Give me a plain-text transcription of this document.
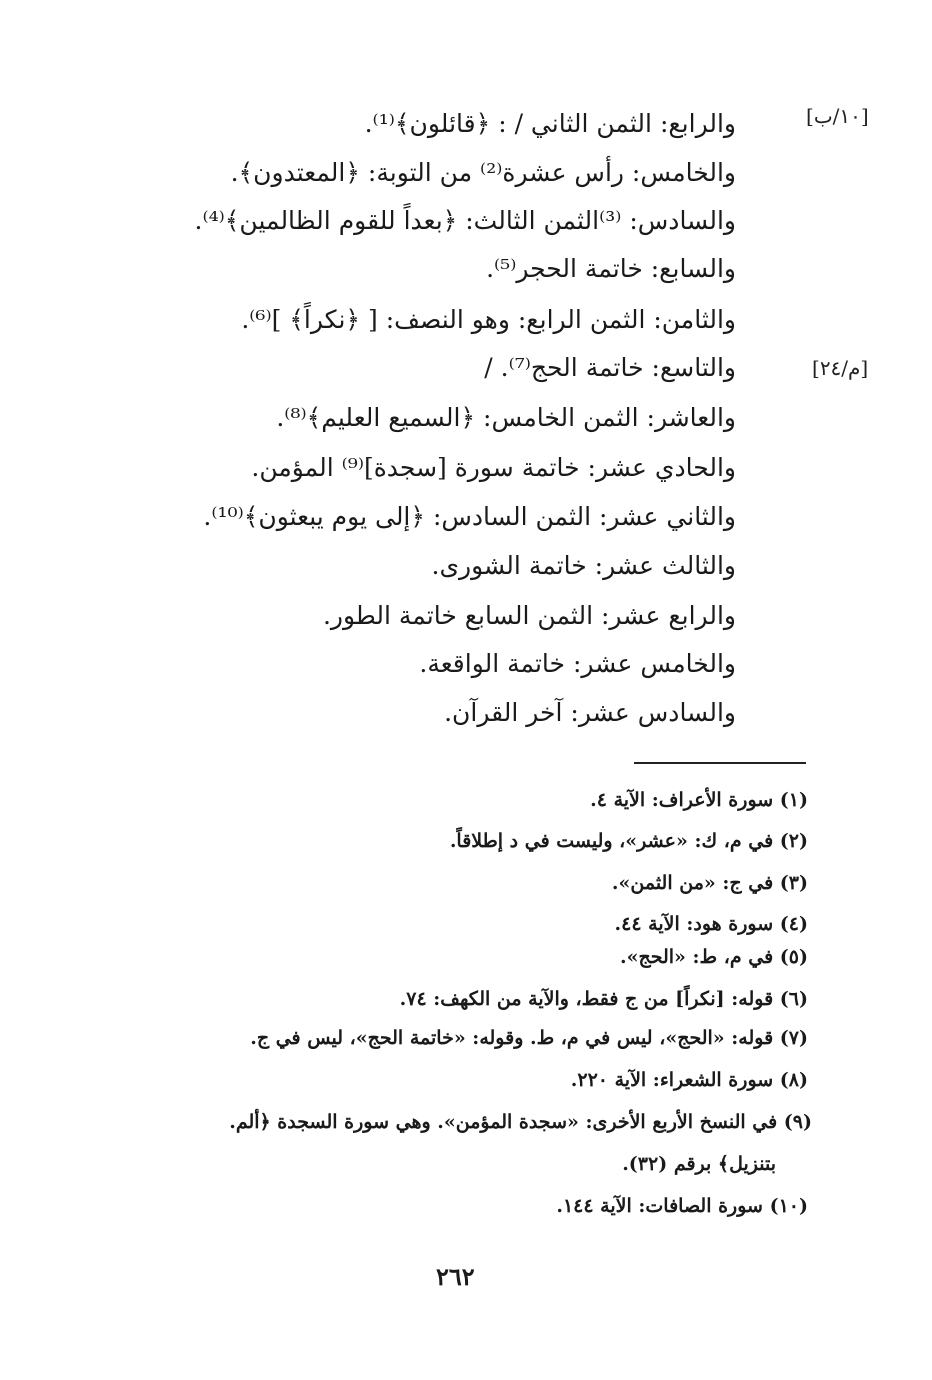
[١٠/ب]
[م/٢٤]
والرابع: الثمن الثاني / : ﴿قائلون﴾⁽¹⁾.
والخامس: رأس عشرة⁽²⁾ من التوبة: ﴿المعتدون﴾.
والسادس: ⁽³⁾الثمن الثالث: ﴿بعداً للقوم الظالمين﴾⁽⁴⁾.
والسابع: خاتمة الحجر⁽⁵⁾.
والثامن: الثمن الرابع: وهو النصف: [ ﴿نكراً﴾ ]⁽⁶⁾.
والتاسع: خاتمة الحج⁽⁷⁾. /
والعاشر: الثمن الخامس: ﴿السميع العليم﴾⁽⁸⁾.
والحادي عشر: خاتمة سورة [سجدة]⁽⁹⁾ المؤمن.
والثاني عشر: الثمن السادس: ﴿إلى يوم يبعثون﴾⁽¹⁰⁾.
والثالث عشر: خاتمة الشورى.
والرابع عشر: الثمن السابع خاتمة الطور.
والخامس عشر: خاتمة الواقعة.
والسادس عشر: آخر القرآن.
(١) سورة الأعراف: الآية ٤.
(٢) في م، ك: «عشر»، وليست في د إطلاقاً.
(٣) في ج: «من الثمن».
(٤) سورة هود: الآية ٤٤.
(٥) في م، ط: «الحج».
(٦) قوله: [نكراً] من ج فقط، والآية من الكهف: ٧٤.
(٧) قوله: «الحج»، ليس في م، ط. وقوله: «خاتمة الحج»، ليس في ج.
(٨) سورة الشعراء: الآية ٢٢٠.
(٩) في النسخ الأربع الأخرى: «سجدة المؤمن». وهي سورة السجدة ﴿ألم.
بتنزيل﴾ برقم (٣٢).
(١٠) سورة الصافات: الآية ١٤٤.
٢٦٢
